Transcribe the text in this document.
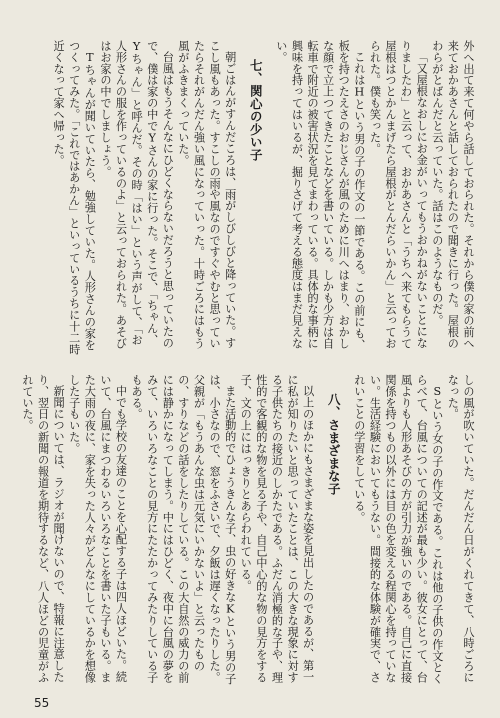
外へ出て来て何やら話しておられた。それから僕の家の前へ来ておかあさんと話しておられたので聞きに行った。屋根のわらがとばんだと云っていた。話はこのようなものだ。

「又屋根なおしにお金がいってもうおかねがないことになりましたわ」と云って、おかあさんと「うちへ来てもらうて屋根はつとかんまげたら屋根がとんだらいかん」と云っておられた。僕も笑った。

これはHという男の子の作文の一節である。この前にも、板を持つたえさのおじさんが風のために川へはまり、おかしな顔で立上つてきたことなどを書いている。しかも少方は自転車で附近の被害状況を見てまわっている。具体的な事柄に興味を持ってはいるが、掘りさげて考える態度はまだ見えない。

七、関心の少い子

朝ごはんがすんだころは、雨がしびしびと降っていた。すこし風もあった。すこしの雨や風なのですぐやむと思っていたらそれがんだん強い風になっていった。十時ごろにはもう風がふきまくっていた。

台風はもうそんなにひどくならないだろうと思っていたので、僕は家の中でYさんの家に行った。そこで、「ちゃん、Yちゃん」と呼んだ。その時「はい」という声がして、「お人形さんの服を作っているのよ」と云っておられた。あそびはお家の中でしましょう。

Tちゃんが聞いていたら、勉強していた。人形さんの家をつくってみた。「これではあかん」といっているうちに十二時近くなって家へ帰った。

しの風が吹いていた。だんだん日がくれてきて、八時ごろになった。

Sという女の子の作文である。これは他の子供の作文とくらべて、台風についての記述が最も少い。彼女にとって、台風よりも人形あそびの方が引力が強いのである。自己に直接関係を持つもの以外には目の色を変える程関心を持っていない。生活経験においてもうない。間接的な体験が確実で、されいことの学習をしている。

八、さまざまな子

以上のほかにもさまざまな姿を見出したのであるが、第一に私が知りたいと思っていたことは、この大きな現象に対する子供たちの接近のしかたである。ふだん消極的な子や、理性的で客観的な物を見る子や、自己中心的な物の見方をする子、文の上にはっきりとあらわれている。

また活動的でひょうきんな子、虫の好きなKという男の子は、小さなので、窓をふさいで、夕飯は遅くなったりした。父親が「もうあんな虫は元気にいかないよ」と云ったものの、すりなどの話をしたりしている。この大自然の威力の前には静かになってしまう。中にはひどく、夜中に台風の夢をみて、いろいろなことの見方にたたかってみたりしている子もある。

中でも学校の友達のことを心配する子は四人ほどいた。続いて、台風にまつわるいろいろなことを書いた子もいる。また大雨の夜に、家を失った人々がどんなにしているかを想像した子もいた。

新聞については、ラジオが聞けないので、特報に注意したり、翌日の新聞の報道を期待するなど、八人ほどの児童がふれていた。

55
